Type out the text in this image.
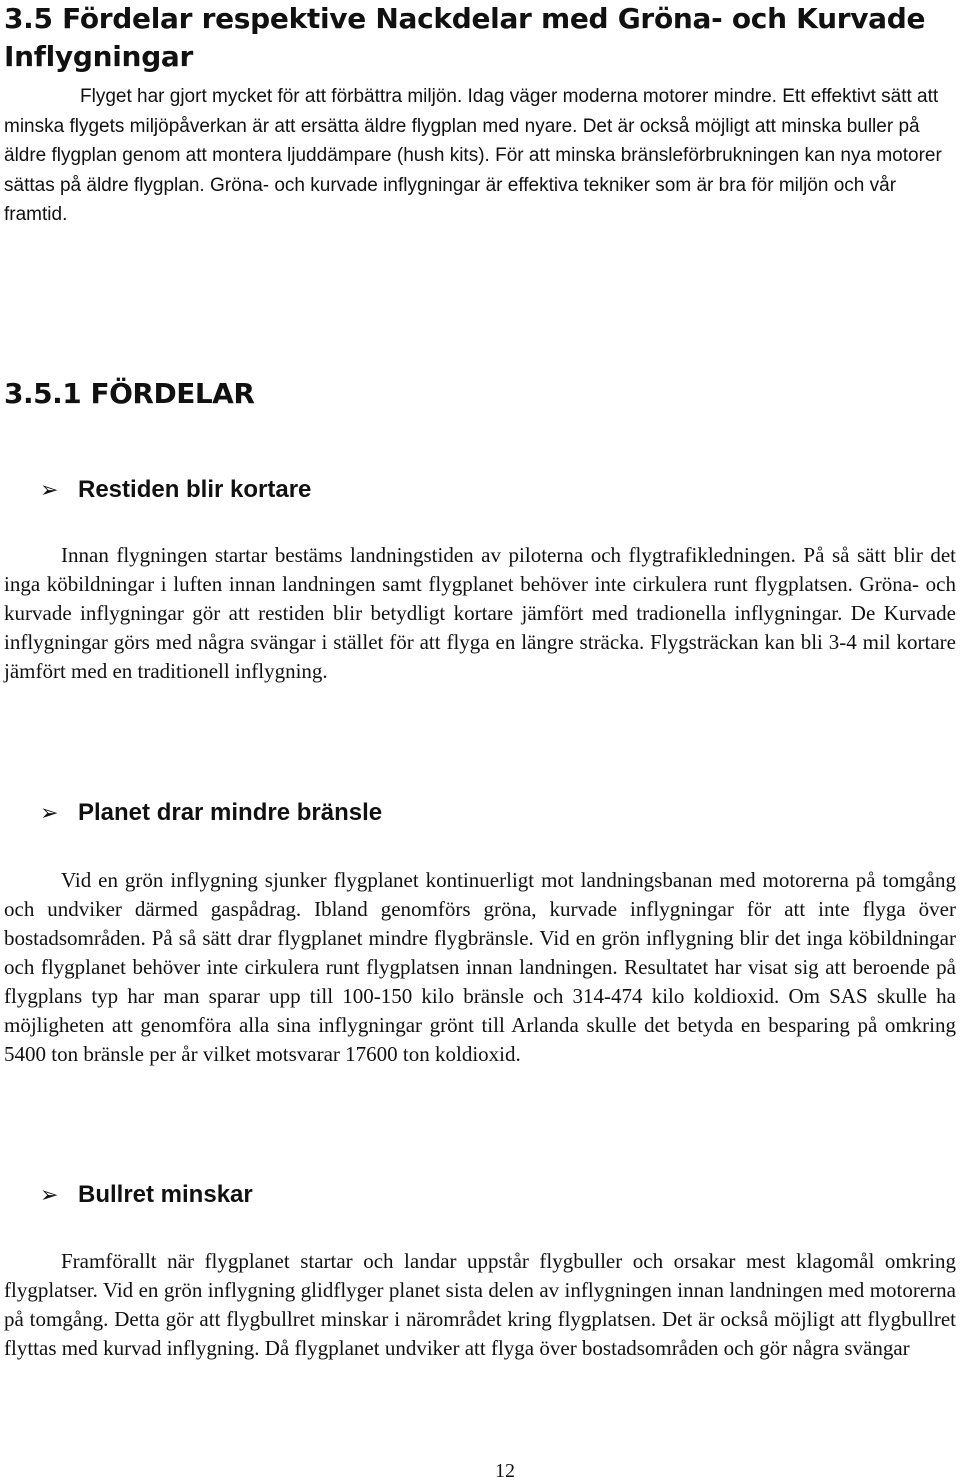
3.5 Fördelar respektive Nackdelar med Gröna- och Kurvade Inflygningar
Flyget har gjort mycket för att förbättra miljön. Idag väger moderna motorer mindre. Ett effektivt sätt att minska flygets miljöpåverkan är att ersätta äldre flygplan med nyare. Det är också möjligt att minska buller på äldre flygplan genom att montera ljuddämpare (hush kits). För att minska bränsleförbrukningen kan nya motorer sättas på äldre flygplan. Gröna- och kurvade inflygningar är effektiva tekniker som är bra för miljön och vår framtid.
3.5.1 FÖRDELAR
➢ Restiden blir kortare
Innan flygningen startar bestäms landningstiden av piloterna och flygtrafikledningen. På så sätt blir det inga köbildningar i luften innan landningen samt flygplanet behöver inte cirkulera runt flygplatsen. Gröna- och kurvade inflygningar gör att restiden blir betydligt kortare jämfört med tradionella inflygningar. De Kurvade inflygningar görs med några svängar i stället för att flyga en längre sträcka. Flygsträckan kan bli 3-4 mil kortare jämfört med en traditionell inflygning.
➢ Planet drar mindre bränsle
Vid en grön inflygning sjunker flygplanet kontinuerligt mot landningsbanan med motorerna på tomgång och undviker därmed gaspådrag. Ibland genomförs gröna, kurvade inflygningar för att inte flyga över bostadsområden. På så sätt drar flygplanet mindre flygbränsle. Vid en grön inflygning blir det inga köbildningar och flygplanet behöver inte cirkulera runt flygplatsen innan landningen. Resultatet har visat sig att beroende på flygplans typ har man sparar upp till 100-150 kilo bränsle och 314-474 kilo koldioxid. Om SAS skulle ha möjligheten att genomföra alla sina inflygningar grönt till Arlanda skulle det betyda en besparing på omkring 5400 ton bränsle per år vilket motsvarar 17600 ton koldioxid.
➢ Bullret minskar
Framförallt när flygplanet startar och landar uppstår flygbuller och orsakar mest klagomål omkring flygplatser. Vid en grön inflygning glidflyger planet sista delen av inflygningen innan landningen med motorerna på tomgång. Detta gör att flygbullret minskar i närområdet kring flygplatsen. Det är också möjligt att flygbullret flyttas med kurvad inflygning. Då flygplanet undviker att flyga över bostadsområden och gör några svängar
12
